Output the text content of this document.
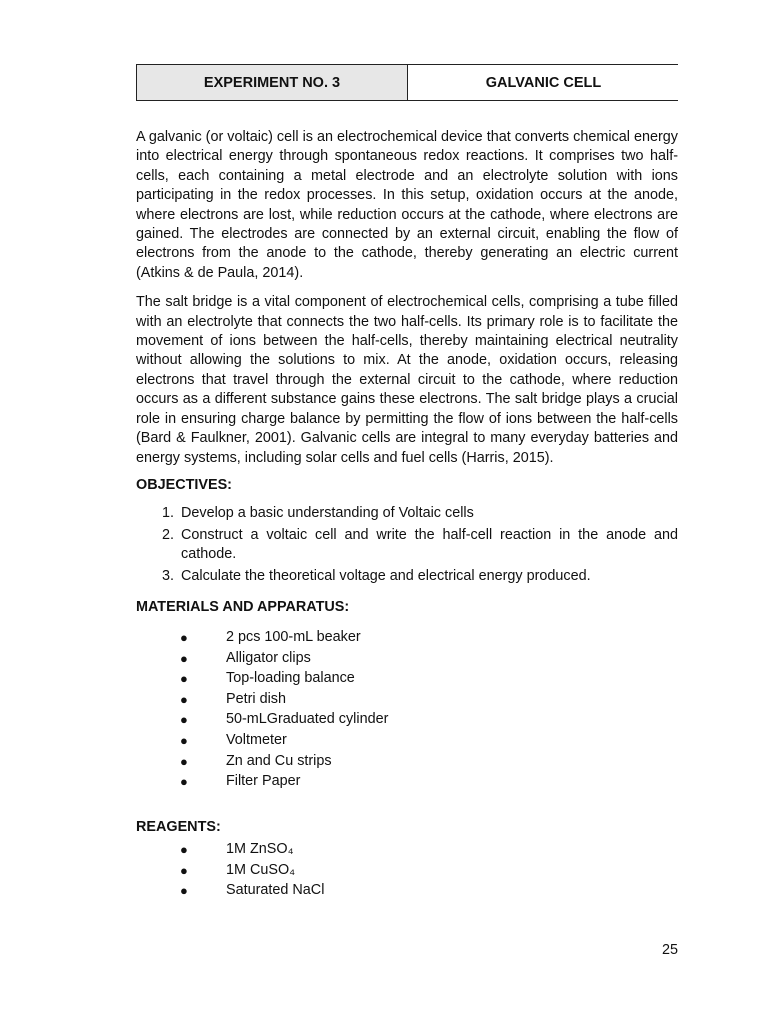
EXPERIMENT NO. 3	GALVANIC CELL

A galvanic (or voltaic) cell is an electrochemical device that converts chemical energy into electrical energy through spontaneous redox reactions. It comprises two half-cells, each containing a metal electrode and an electrolyte solution with ions participating in the redox processes. In this setup, oxidation occurs at the anode, where electrons are lost, while reduction occurs at the cathode, where electrons are gained. The electrodes are connected by an external circuit, enabling the flow of electrons from the anode to the cathode, thereby generating an electric current (Atkins & de Paula, 2014).

The salt bridge is a vital component of electrochemical cells, comprising a tube filled with an electrolyte that connects the two half-cells. Its primary role is to facilitate the movement of ions between the half-cells, thereby maintaining electrical neutrality without allowing the solutions to mix. At the anode, oxidation occurs, releasing electrons that travel through the external circuit to the cathode, where reduction occurs as a different substance gains these electrons. The salt bridge plays a crucial role in ensuring charge balance by permitting the flow of ions between the half-cells (Bard & Faulkner, 2001). Galvanic cells are integral to many everyday batteries and energy systems, including solar cells and fuel cells (Harris, 2015).

OBJECTIVES:

1. Develop a basic understanding of Voltaic cells
2. Construct a voltaic cell and write the half-cell reaction in the anode and cathode.
3. Calculate the theoretical voltage and electrical energy produced.

MATERIALS AND APPARATUS:

●	2 pcs 100-mL beaker
●	Alligator clips
●	Top-loading balance
●	Petri dish
●	50-mLGraduated cylinder
●	Voltmeter
●	Zn and Cu strips
●	Filter Paper

REAGENTS:

●	1M ZnSO₄
●	1M CuSO₄
●	Saturated NaCl
25
